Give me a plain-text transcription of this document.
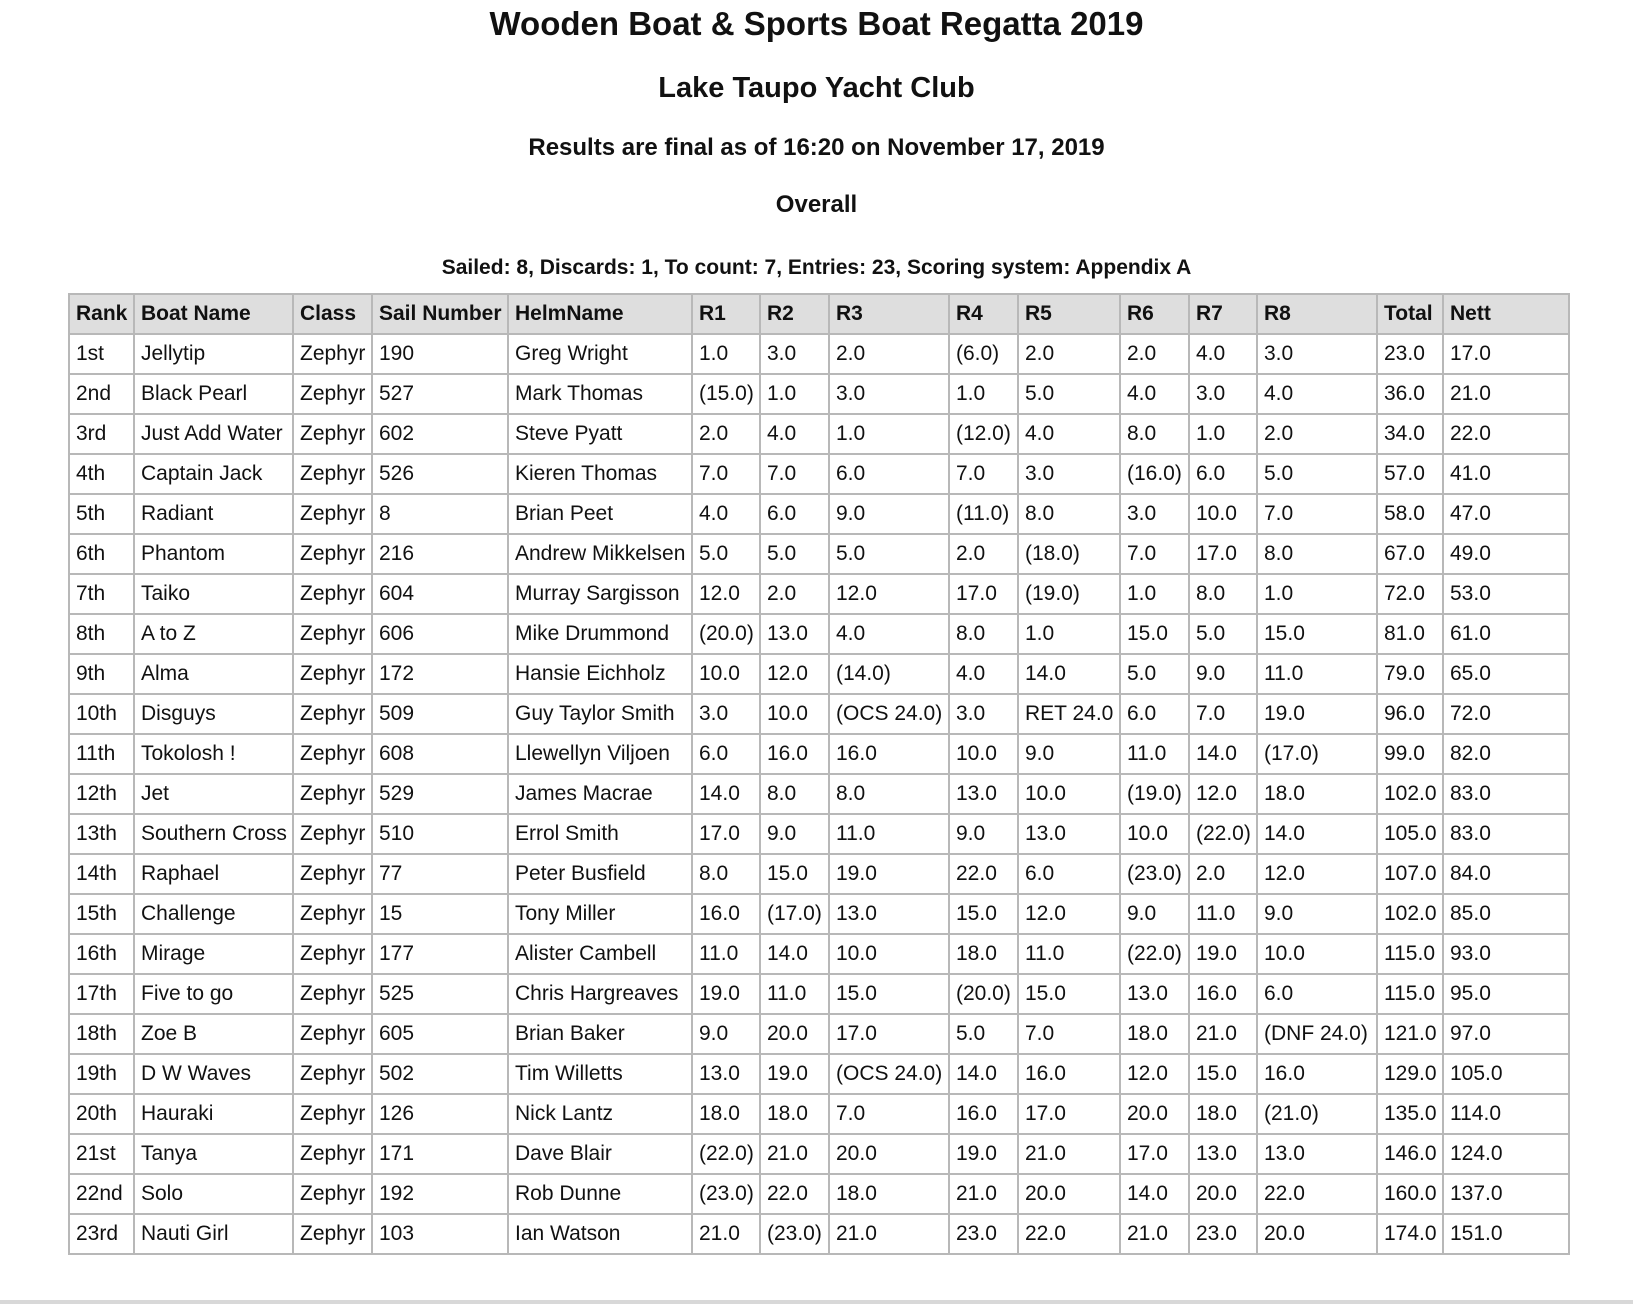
Wooden Boat & Sports Boat Regatta 2019
Lake Taupo Yacht Club
Results are final as of 16:20 on November 17, 2019
Overall
Sailed: 8, Discards: 1, To count: 7, Entries: 23, Scoring system: Appendix A
Rank	Boat Name	Class	Sail Number	HelmName	R1	R2	R3	R4	R5	R6	R7	R8	Total	Nett
1st	Jellytip	Zephyr	190	Greg Wright	1.0	3.0	2.0	(6.0)	2.0	2.0	4.0	3.0	23.0	17.0
2nd	Black Pearl	Zephyr	527	Mark Thomas	(15.0)	1.0	3.0	1.0	5.0	4.0	3.0	4.0	36.0	21.0
3rd	Just Add Water	Zephyr	602	Steve Pyatt	2.0	4.0	1.0	(12.0)	4.0	8.0	1.0	2.0	34.0	22.0
4th	Captain Jack	Zephyr	526	Kieren Thomas	7.0	7.0	6.0	7.0	3.0	(16.0)	6.0	5.0	57.0	41.0
5th	Radiant	Zephyr	8	Brian Peet	4.0	6.0	9.0	(11.0)	8.0	3.0	10.0	7.0	58.0	47.0
6th	Phantom	Zephyr	216	Andrew Mikkelsen	5.0	5.0	5.0	2.0	(18.0)	7.0	17.0	8.0	67.0	49.0
7th	Taiko	Zephyr	604	Murray Sargisson	12.0	2.0	12.0	17.0	(19.0)	1.0	8.0	1.0	72.0	53.0
8th	A to Z	Zephyr	606	Mike Drummond	(20.0)	13.0	4.0	8.0	1.0	15.0	5.0	15.0	81.0	61.0
9th	Alma	Zephyr	172	Hansie Eichholz	10.0	12.0	(14.0)	4.0	14.0	5.0	9.0	11.0	79.0	65.0
10th	Disguys	Zephyr	509	Guy Taylor Smith	3.0	10.0	(OCS 24.0)	3.0	RET 24.0	6.0	7.0	19.0	96.0	72.0
11th	Tokolosh !	Zephyr	608	Llewellyn Viljoen	6.0	16.0	16.0	10.0	9.0	11.0	14.0	(17.0)	99.0	82.0
12th	Jet	Zephyr	529	James Macrae	14.0	8.0	8.0	13.0	10.0	(19.0)	12.0	18.0	102.0	83.0
13th	Southern Cross	Zephyr	510	Errol Smith	17.0	9.0	11.0	9.0	13.0	10.0	(22.0)	14.0	105.0	83.0
14th	Raphael	Zephyr	77	Peter Busfield	8.0	15.0	19.0	22.0	6.0	(23.0)	2.0	12.0	107.0	84.0
15th	Challenge	Zephyr	15	Tony Miller	16.0	(17.0)	13.0	15.0	12.0	9.0	11.0	9.0	102.0	85.0
16th	Mirage	Zephyr	177	Alister Cambell	11.0	14.0	10.0	18.0	11.0	(22.0)	19.0	10.0	115.0	93.0
17th	Five to go	Zephyr	525	Chris Hargreaves	19.0	11.0	15.0	(20.0)	15.0	13.0	16.0	6.0	115.0	95.0
18th	Zoe B	Zephyr	605	Brian Baker	9.0	20.0	17.0	5.0	7.0	18.0	21.0	(DNF 24.0)	121.0	97.0
19th	D W Waves	Zephyr	502	Tim Willetts	13.0	19.0	(OCS 24.0)	14.0	16.0	12.0	15.0	16.0	129.0	105.0
20th	Hauraki	Zephyr	126	Nick Lantz	18.0	18.0	7.0	16.0	17.0	20.0	18.0	(21.0)	135.0	114.0
21st	Tanya	Zephyr	171	Dave Blair	(22.0)	21.0	20.0	19.0	21.0	17.0	13.0	13.0	146.0	124.0
22nd	Solo	Zephyr	192	Rob Dunne	(23.0)	22.0	18.0	21.0	20.0	14.0	20.0	22.0	160.0	137.0
23rd	Nauti Girl	Zephyr	103	Ian Watson	21.0	(23.0)	21.0	23.0	22.0	21.0	23.0	20.0	174.0	151.0
